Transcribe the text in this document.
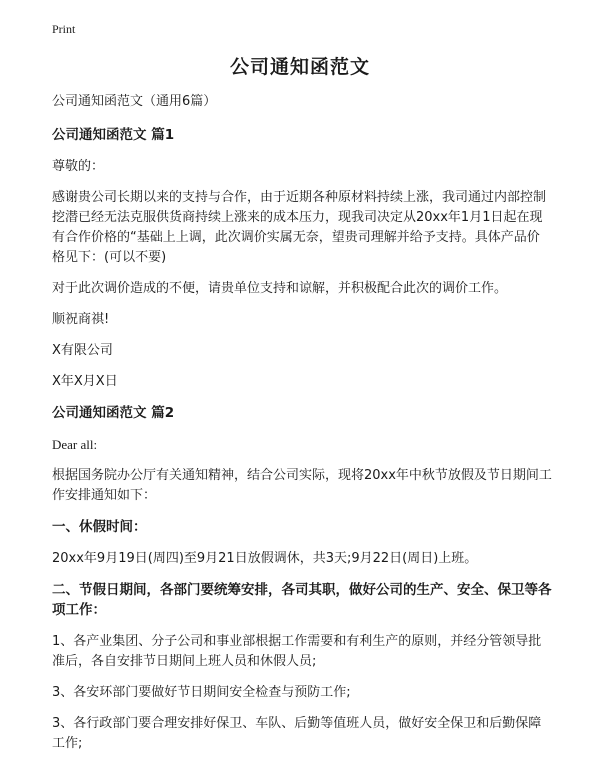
Print
公司通知函范文

公司通知函范文（通用6篇）

公司通知函范文 篇1

尊敬的：

感谢贵公司长期以来的支持与合作，由于近期各种原材料持续上涨，我司通过内部控制挖潜已经无法克服供货商持续上涨来的成本压力，现我司决定从20xx年1月1日起在现有合作价格的“基础上上调，此次调价实属无奈，望贵司理解并给予支持。具体产品价格见下：(可以不要)

对于此次调价造成的不便，请贵单位支持和谅解，并积极配合此次的调价工作。

顺祝商祺!

X有限公司

X年X月X日

公司通知函范文 篇2

Dear all:

根据国务院办公厅有关通知精神，结合公司实际，现将20xx年中秋节放假及节日期间工作安排通知如下：

一、休假时间：

20xx年9月19日(周四)至9月21日放假调休，共3天;9月22日(周日)上班。

二、节假日期间，各部门要统筹安排，各司其职，做好公司的生产、安全、保卫等各项工作：

1、各产业集团、分子公司和事业部根据工作需要和有利生产的原则，并经分管领导批准后，各自安排节日期间上班人员和休假人员;

3、各安环部门要做好节日期间安全检查与预防工作;

3、各行政部门要合理安排好保卫、车队、后勤等值班人员，做好安全保卫和后勤保障工作;
